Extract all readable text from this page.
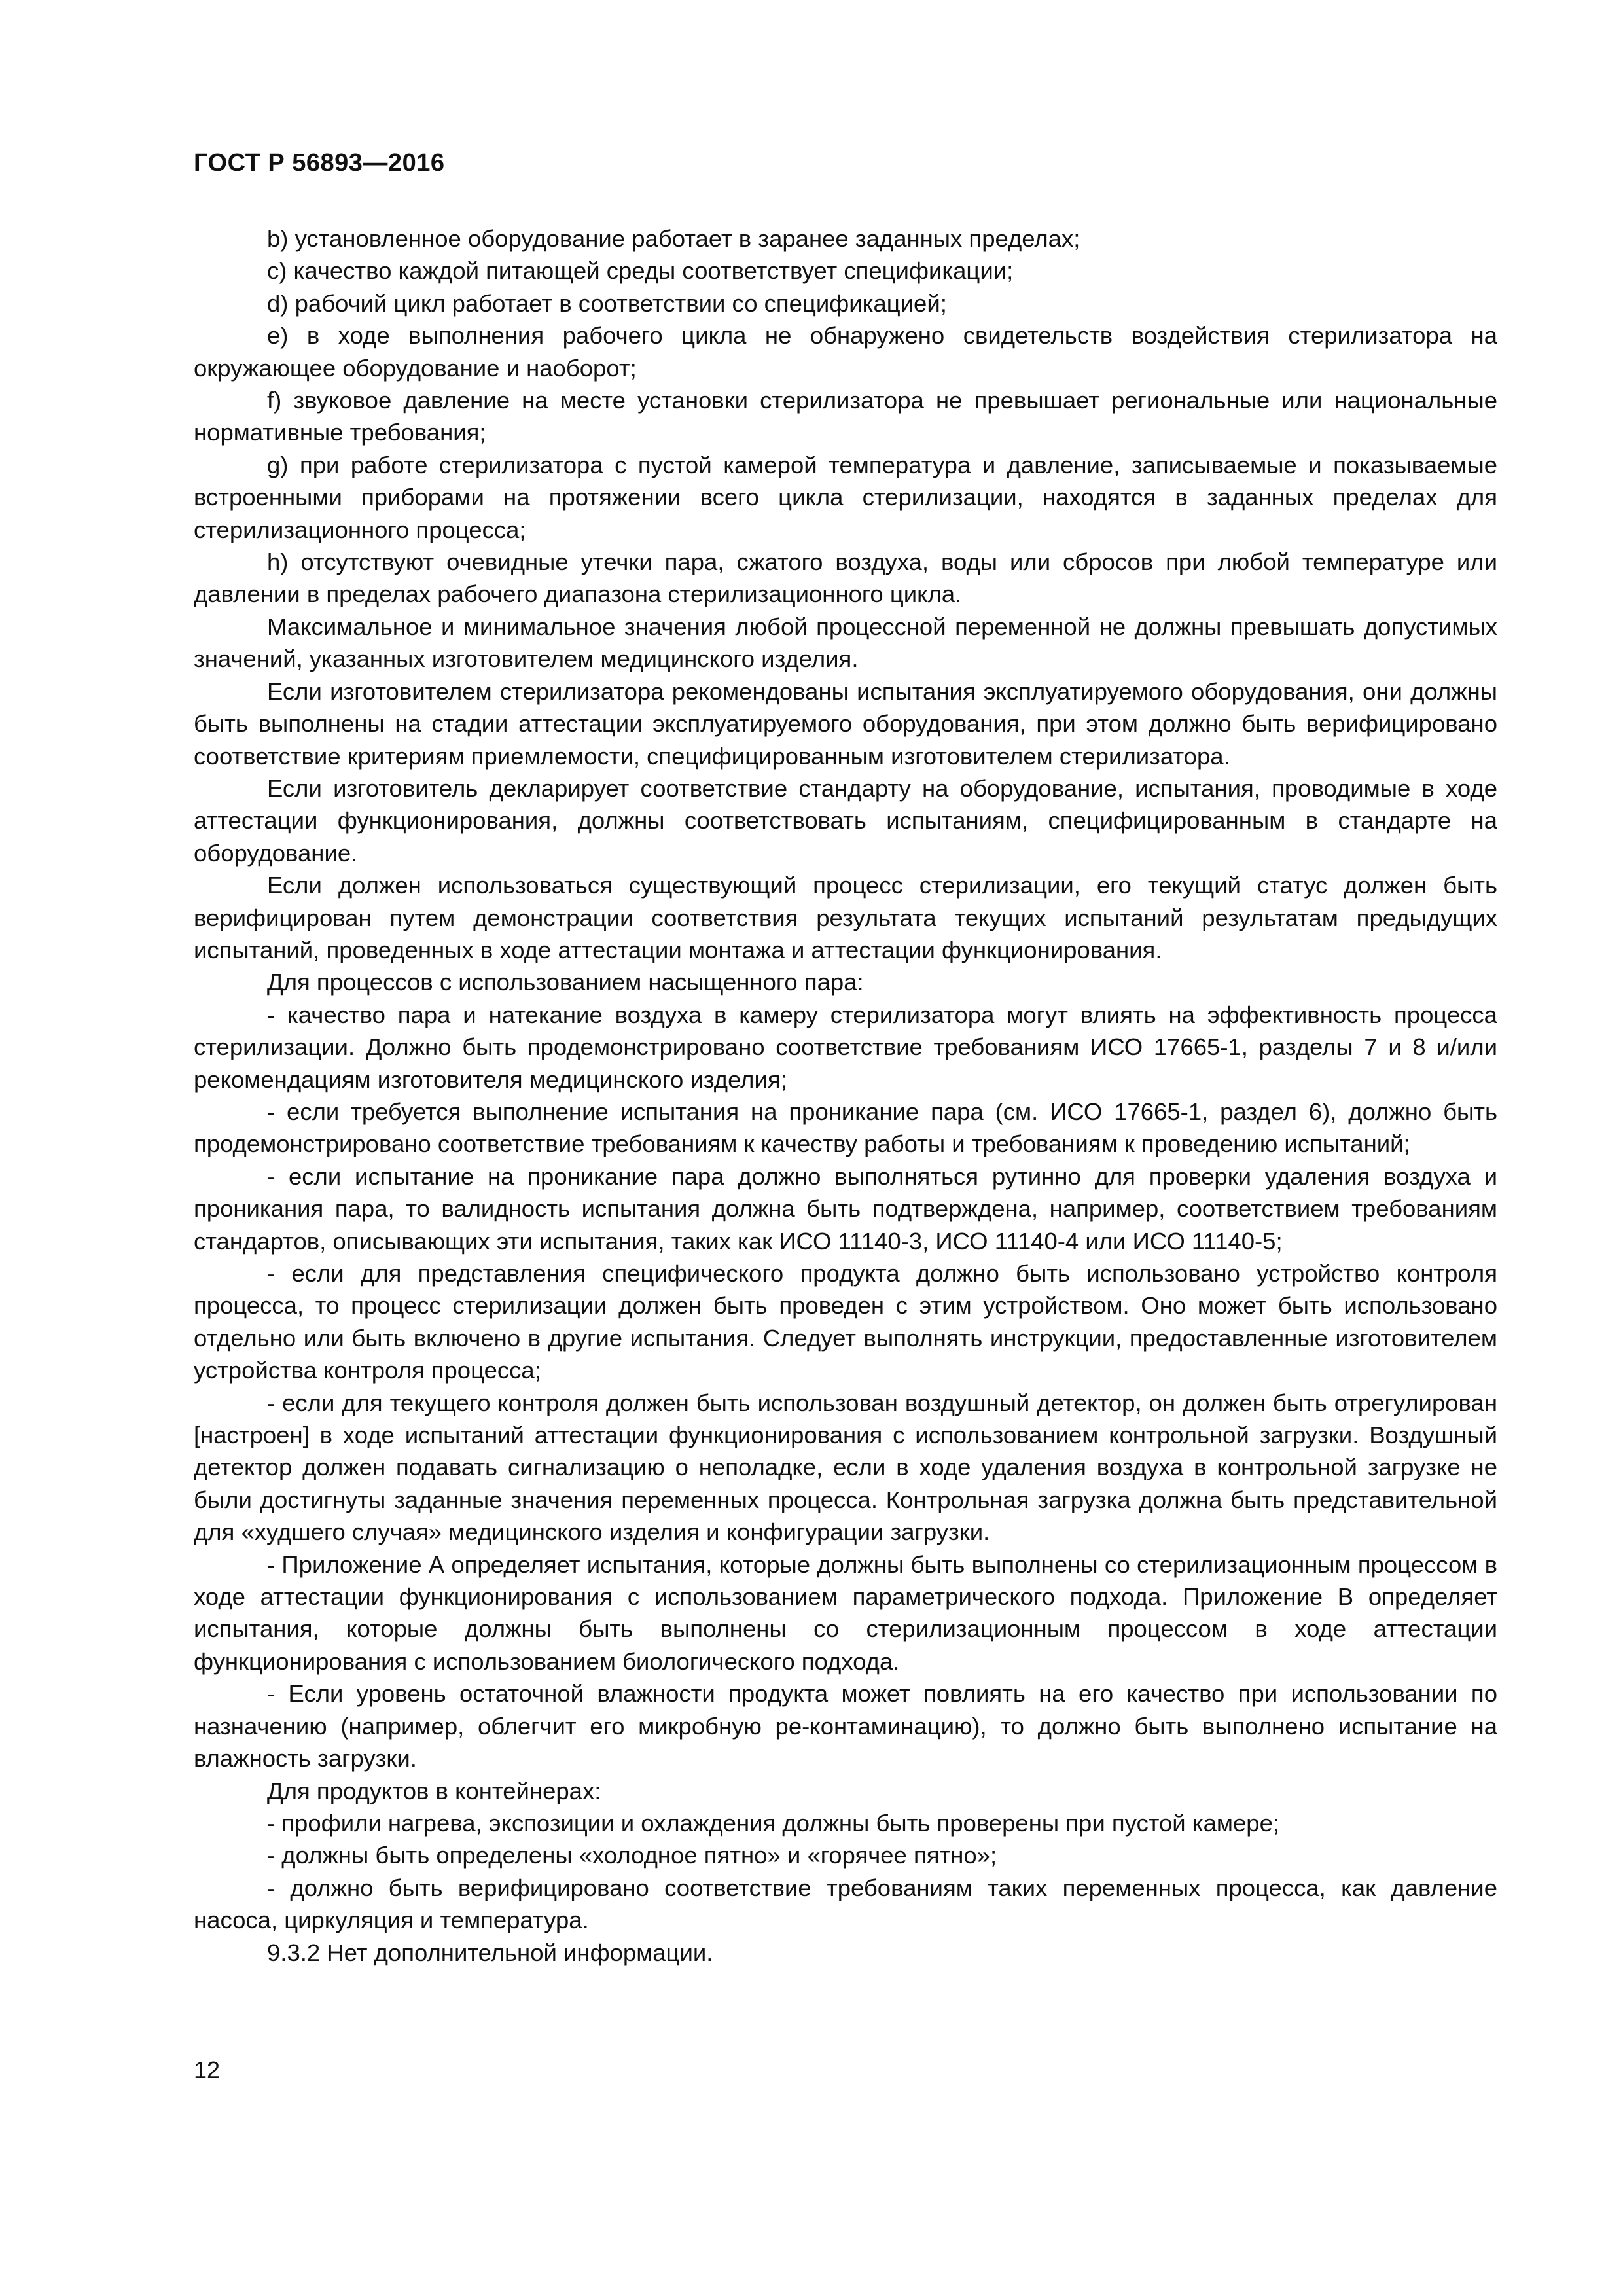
ГОСТ Р 56893—2016

b) установленное оборудование работает в заранее заданных пределах;

c) качество каждой питающей среды соответствует спецификации;

d) рабочий цикл работает в соответствии со спецификацией;

e) в ходе выполнения рабочего цикла не обнаружено свидетельств воздействия стерилизатора на окружающее оборудование и наоборот;

f) звуковое давление на месте установки стерилизатора не превышает региональные или национальные нормативные требования;

g) при работе стерилизатора с пустой камерой температура и давление, записываемые и показываемые встроенными приборами на протяжении всего цикла стерилизации, находятся в заданных пределах для стерилизационного процесса;

h) отсутствуют очевидные утечки пара, сжатого воздуха, воды или сбросов при любой температуре или давлении в пределах рабочего диапазона стерилизационного цикла.

Максимальное и минимальное значения любой процессной переменной не должны превышать допустимых значений, указанных изготовителем медицинского изделия.

Если изготовителем стерилизатора рекомендованы испытания эксплуатируемого оборудования, они должны быть выполнены на стадии аттестации эксплуатируемого оборудования, при этом должно быть верифицировано соответствие критериям приемлемости, специфицированным изготовителем стерилизатора.

Если изготовитель декларирует соответствие стандарту на оборудование, испытания, проводимые в ходе аттестации функционирования, должны соответствовать испытаниям, специфицированным в стандарте на оборудование.

Если должен использоваться существующий процесс стерилизации, его текущий статус должен быть верифицирован путем демонстрации соответствия результата текущих испытаний результатам предыдущих испытаний, проведенных в ходе аттестации монтажа и аттестации функционирования.

Для процессов с использованием насыщенного пара:

- качество пара и натекание воздуха в камеру стерилизатора могут влиять на эффективность процесса стерилизации. Должно быть продемонстрировано соответствие требованиям ИСО 17665-1, разделы 7 и 8 и/или рекомендациям изготовителя медицинского изделия;

- если требуется выполнение испытания на проникание пара (см. ИСО 17665-1, раздел 6), должно быть продемонстрировано соответствие требованиям к качеству работы и требованиям к проведению испытаний;

- если испытание на проникание пара должно выполняться рутинно для проверки удаления воздуха и проникания пара, то валидность испытания должна быть подтверждена, например, соответствием требованиям стандартов, описывающих эти испытания, таких как ИСО 11140-3, ИСО 11140-4 или ИСО 11140-5;

- если для представления специфического продукта должно быть использовано устройство контроля процесса, то процесс стерилизации должен быть проведен с этим устройством. Оно может быть использовано отдельно или быть включено в другие испытания. Следует выполнять инструкции, предоставленные изготовителем устройства контроля процесса;

- если для текущего контроля должен быть использован воздушный детектор, он должен быть отрегулирован [настроен] в ходе испытаний аттестации функционирования с использованием контрольной загрузки. Воздушный детектор должен подавать сигнализацию о неполадке, если в ходе удаления воздуха в контрольной загрузке не были достигнуты заданные значения переменных процесса. Контрольная загрузка должна быть представительной для «худшего случая» медицинского изделия и конфигурации загрузки.

- Приложение А определяет испытания, которые должны быть выполнены со стерилизационным процессом в ходе аттестации функционирования с использованием параметрического подхода. Приложение В определяет испытания, которые должны быть выполнены со стерилизационным процессом в ходе аттестации функционирования с использованием биологического подхода.

- Если уровень остаточной влажности продукта может повлиять на его качество при использовании по назначению (например, облегчит его микробную ре-контаминацию), то должно быть выполнено испытание на влажность загрузки.

Для продуктов в контейнерах:

- профили нагрева, экспозиции и охлаждения должны быть проверены при пустой камере;

- должны быть определены «холодное пятно» и «горячее пятно»;

- должно быть верифицировано соответствие требованиям таких переменных процесса, как давление насоса, циркуляция и температура.

9.3.2 Нет дополнительной информации.

12
